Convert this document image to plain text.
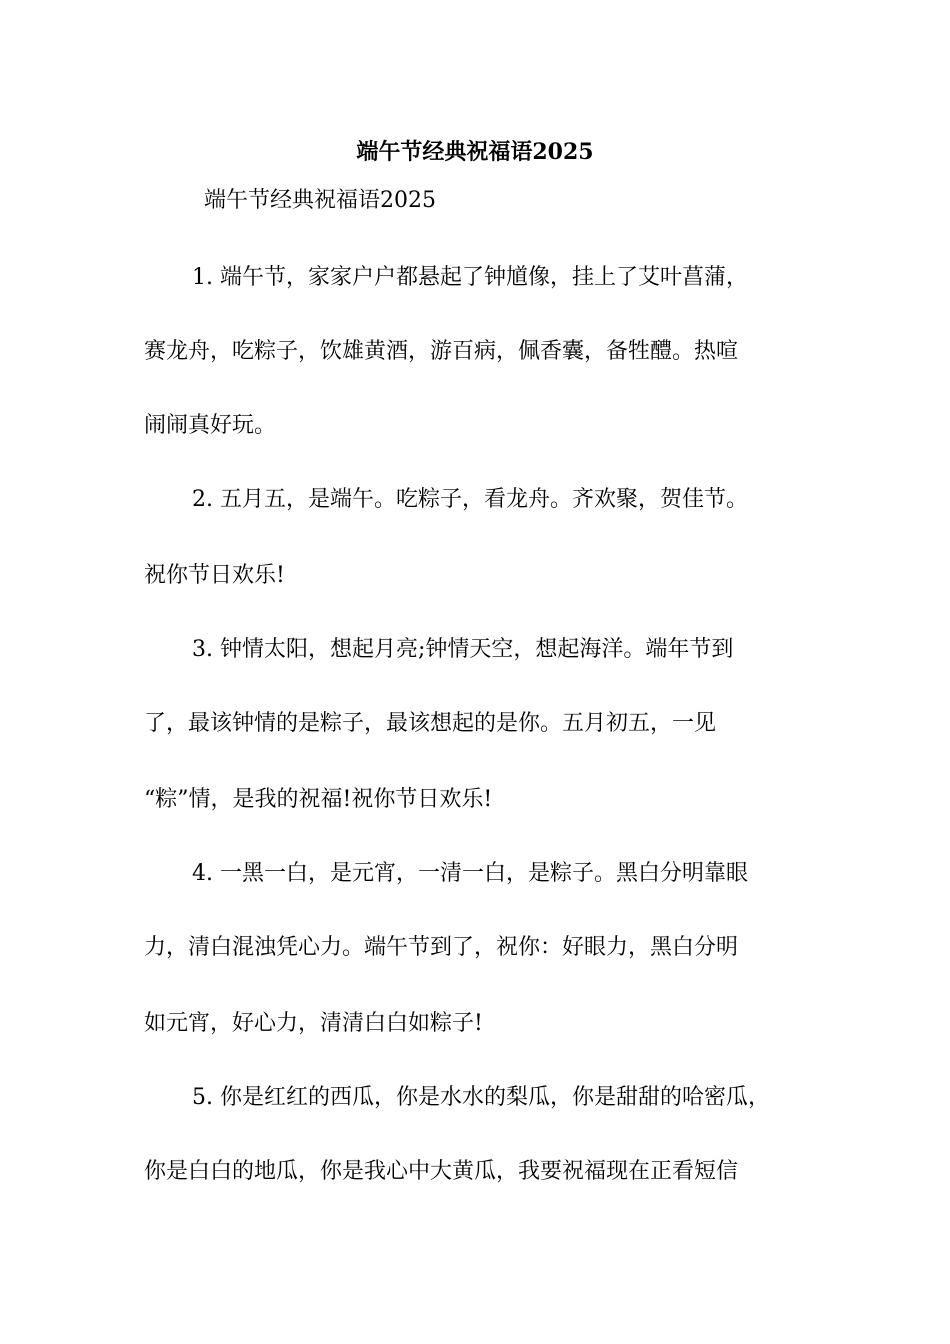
端午节经典祝福语2025
端午节经典祝福语2025
1. 端午节，家家户户都悬起了钟馗像，挂上了艾叶菖蒲，
赛龙舟，吃粽子，饮雄黄酒，游百病，佩香囊，备牲醴。热喧
闹闹真好玩。
2. 五月五，是端午。吃粽子，看龙舟。齐欢聚，贺佳节。
祝你节日欢乐!
3. 钟情太阳，想起月亮;钟情天空，想起海洋。端年节到
了，最该钟情的是粽子，最该想起的是你。五月初五，一见
“粽”情，是我的祝福!祝你节日欢乐!
4. 一黑一白，是元宵，一清一白，是粽子。黑白分明靠眼
力，清白混浊凭心力。端午节到了，祝你：好眼力，黑白分明
如元宵，好心力，清清白白如粽子!
5. 你是红红的西瓜，你是水水的梨瓜，你是甜甜的哈密瓜，
你是白白的地瓜，你是我心中大黄瓜，我要祝福现在正看短信
